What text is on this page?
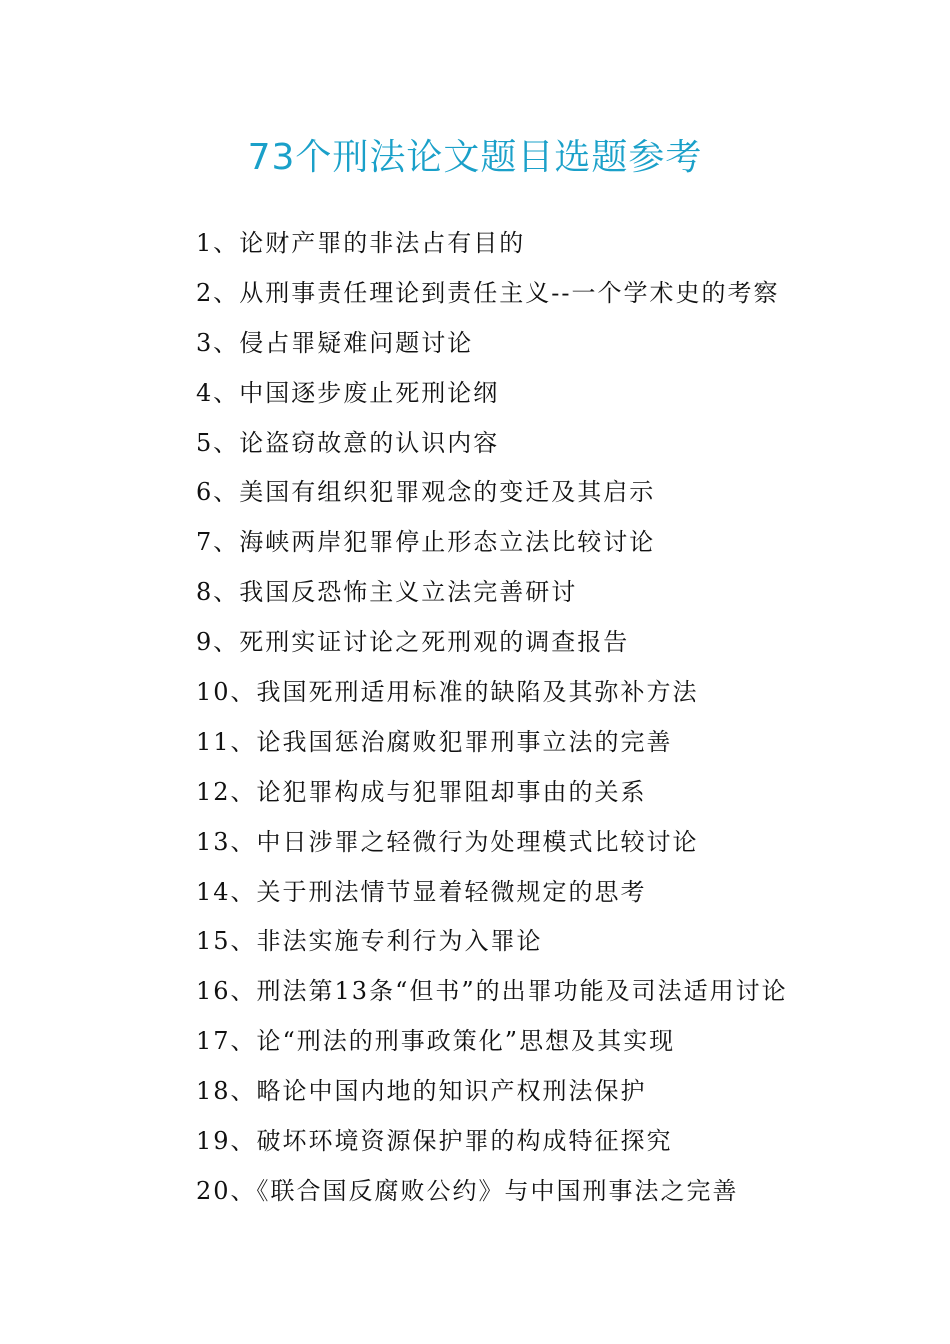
73个刑法论文题目选题参考
1、论财产罪的非法占有目的
2、从刑事责任理论到责任主义--一个学术史的考察
3、侵占罪疑难问题讨论
4、中国逐步废止死刑论纲
5、论盗窃故意的认识内容
6、美国有组织犯罪观念的变迁及其启示
7、海峡两岸犯罪停止形态立法比较讨论
8、我国反恐怖主义立法完善研讨
9、死刑实证讨论之死刑观的调查报告
10、我国死刑适用标准的缺陷及其弥补方法
11、论我国惩治腐败犯罪刑事立法的完善
12、论犯罪构成与犯罪阻却事由的关系
13、中日涉罪之轻微行为处理模式比较讨论
14、关于刑法情节显着轻微规定的思考
15、非法实施专利行为入罪论
16、刑法第13条“但书”的出罪功能及司法适用讨论
17、论“刑法的刑事政策化”思想及其实现
18、略论中国内地的知识产权刑法保护
19、破坏环境资源保护罪的构成特征探究
20、《联合国反腐败公约》与中国刑事法之完善
